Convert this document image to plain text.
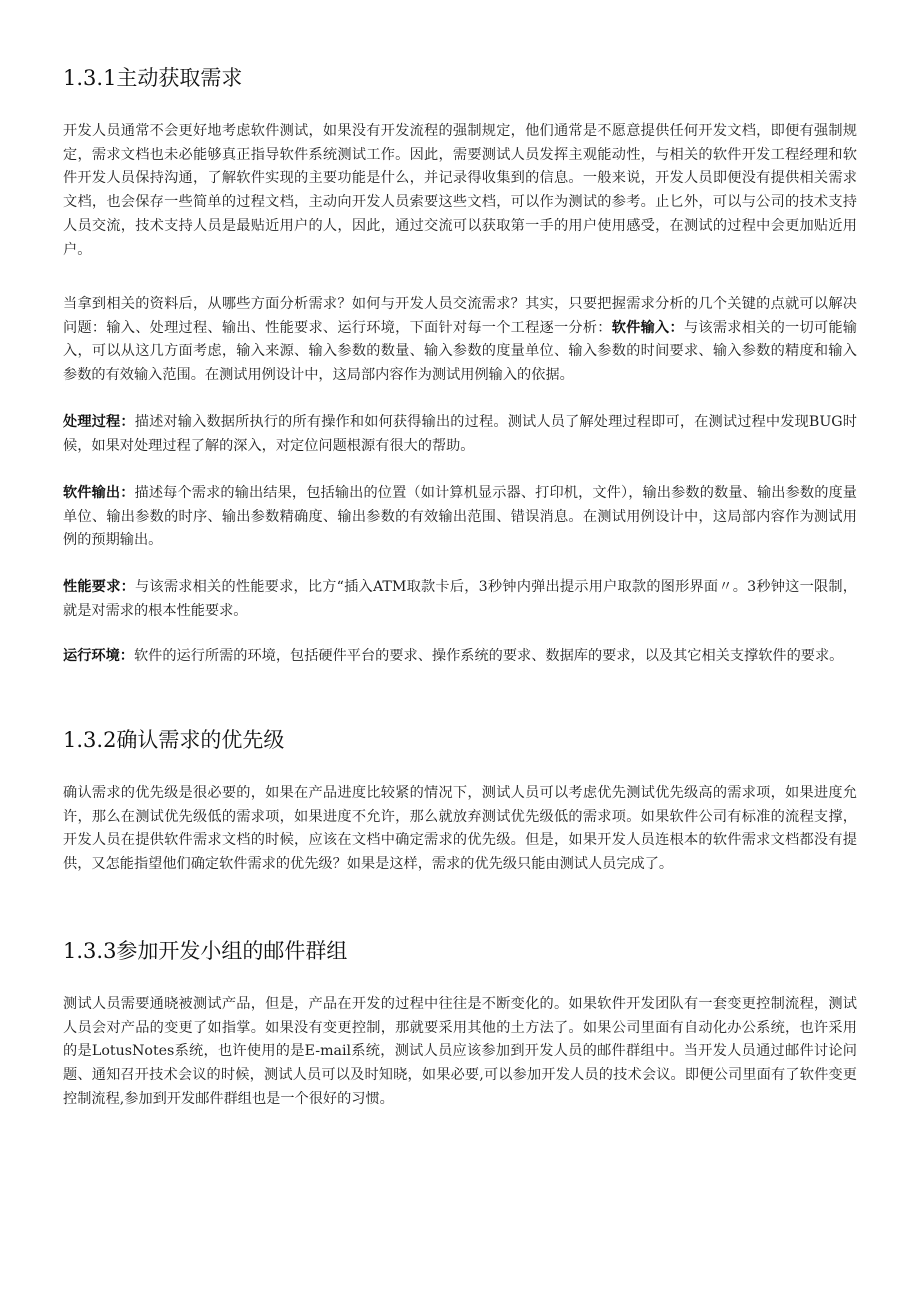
1.3.1主动获取需求

开发人员通常不会更好地考虑软件测试，如果没有开发流程的强制规定，他们通常是不愿意提供任何开发文档，即便有强制规定，需求文档也未必能够真正指导软件系统测试工作。因此，需要测试人员发挥主观能动性，与相关的软件开发工程经理和软件开发人员保持沟通，了解软件实现的主要功能是什么，并记录得收集到的信息。一般来说，开发人员即便没有提供相关需求文档，也会保存一些简单的过程文档，主动向开发人员索要这些文档，可以作为测试的参考。止匕外，可以与公司的技术支持人员交流，技术支持人员是最贴近用户的人，因此，通过交流可以获取第一手的用户使用感受，在测试的过程中会更加贴近用户。

当拿到相关的资料后，从哪些方面分析需求？如何与开发人员交流需求？其实，只要把握需求分析的几个关键的点就可以解决问题：输入、处理过程、输出、性能要求、运行环境，下面针对每一个工程逐一分析：软件输入：与该需求相关的一切可能输入，可以从这几方面考虑，输入来源、输入参数的数量、输入参数的度量单位、输入参数的时间要求、输入参数的精度和输入参数的有效输入范围。在测试用例设计中，这局部内容作为测试用例输入的依据。

处理过程：描述对输入数据所执行的所有操作和如何获得输出的过程。测试人员了解处理过程即可，在测试过程中发现BUG时候，如果对处理过程了解的深入，对定位问题根源有很大的帮助。

软件输出：描述每个需求的输出结果，包括输出的位置（如计算机显示器、打印机，文件），输出参数的数量、输出参数的度量单位、输出参数的时序、输出参数精确度、输出参数的有效输出范围、错误消息。在测试用例设计中，这局部内容作为测试用例的预期输出。

性能要求：与该需求相关的性能要求，比方“插入ATM取款卡后，3秒钟内弹出提示用户取款的图形界面〃。3秒钟这一限制，就是对需求的根本性能要求。

运行环境：软件的运行所需的环境，包括硬件平台的要求、操作系统的要求、数据库的要求，以及其它相关支撑软件的要求。

1.3.2确认需求的优先级

确认需求的优先级是很必要的，如果在产品进度比较紧的情况下，测试人员可以考虑优先测试优先级高的需求项，如果进度允许，那么在测试优先级低的需求项，如果进度不允许，那么就放弃测试优先级低的需求项。如果软件公司有标准的流程支撑，开发人员在提供软件需求文档的时候，应该在文档中确定需求的优先级。但是，如果开发人员连根本的软件需求文档都没有提供，又怎能指望他们确定软件需求的优先级？如果是这样，需求的优先级只能由测试人员完成了。

1.3.3参加开发小组的邮件群组

测试人员需要通晓被测试产品，但是，产品在开发的过程中往往是不断变化的。如果软件开发团队有一套变更控制流程，测试人员会对产品的变更了如指掌。如果没有变更控制，那就要采用其他的土方法了。如果公司里面有自动化办公系统，也许采用的是LotusNotes系统，也许使用的是E-mail系统，测试人员应该参加到开发人员的邮件群组中。当开发人员通过邮件讨论问题、通知召开技术会议的时候，测试人员可以及时知晓，如果必要,可以参加开发人员的技术会议。即便公司里面有了软件变更控制流程,参加到开发邮件群组也是一个很好的习惯。
